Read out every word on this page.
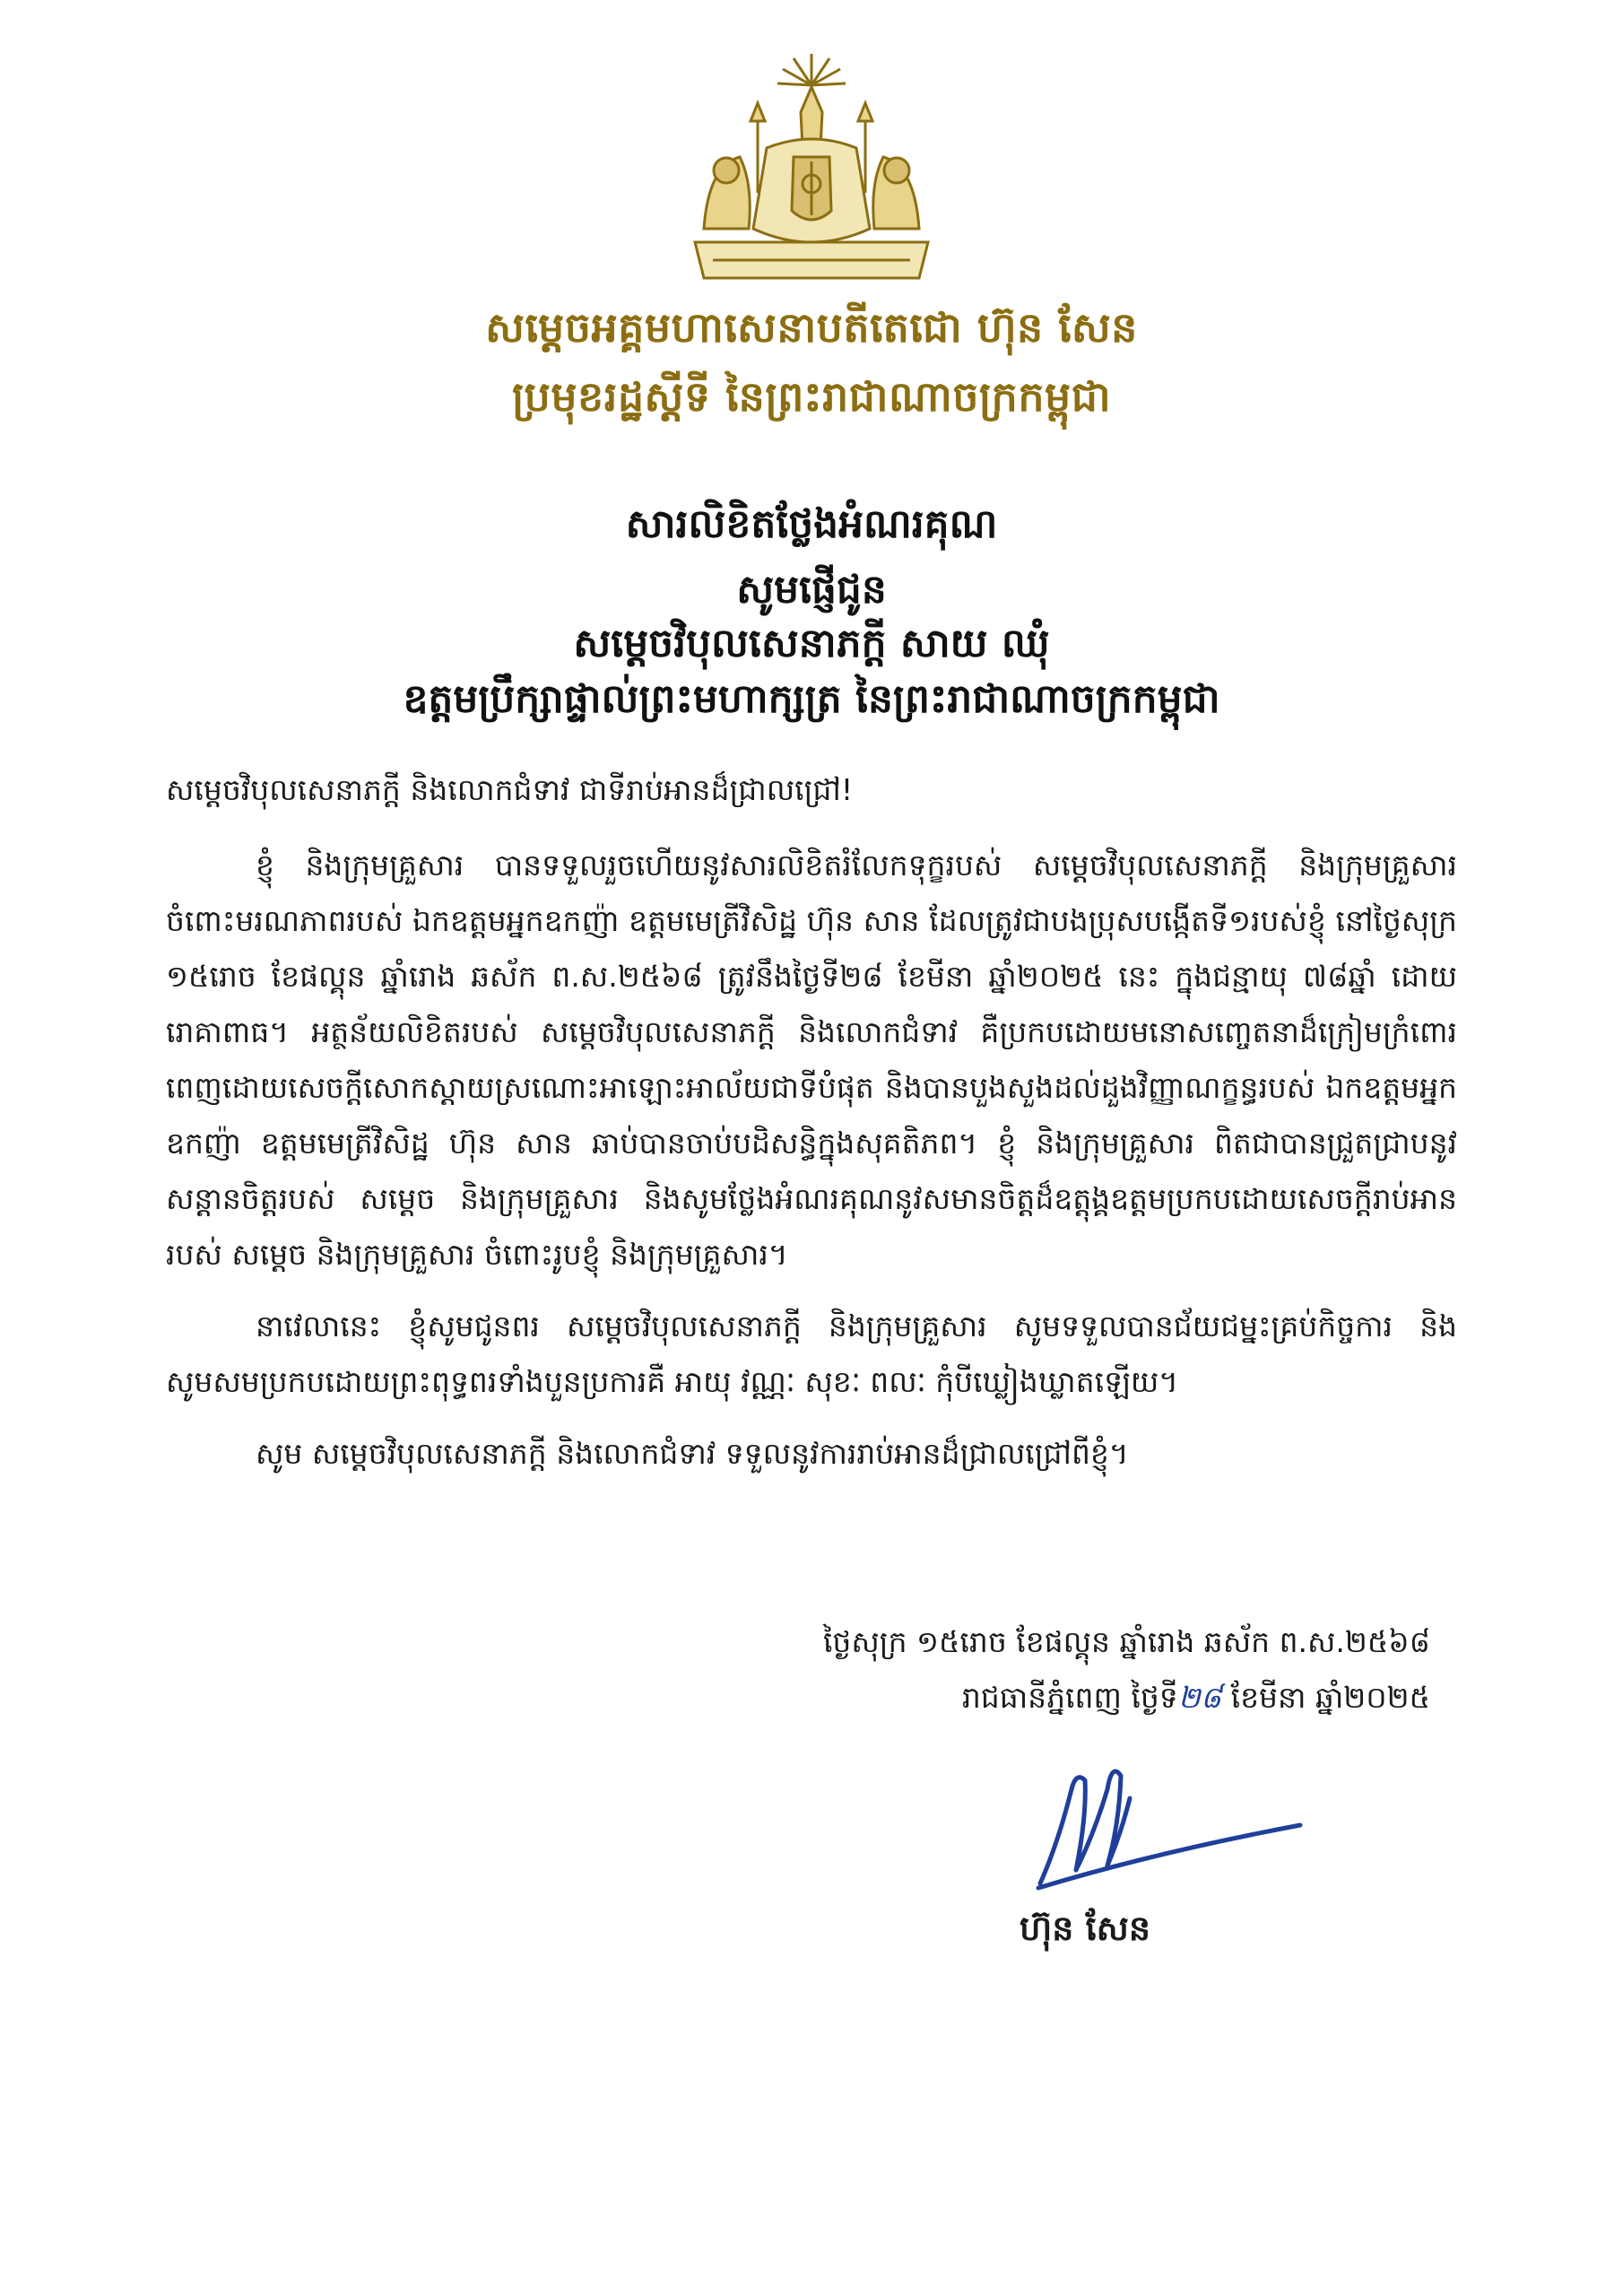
សម្តេចអគ្គមហាសេនាបតីតេជោ ហ៊ុន សែន
ប្រមុខរដ្ឋស្តីទី នៃព្រះរាជាណាចក្រកម្ពុជា
សារលិខិតថ្លែងអំណរគុណ
សូមផ្ញើជូន
សម្តេចវិបុលសេនាភក្តី សាយ ឈុំ
ឧត្តមប្រឹក្សាផ្ទាល់ព្រះមហាក្សត្រ នៃព្រះរាជាណាចក្រកម្ពុជា

សម្តេចវិបុលសេនាភក្តី និងលោកជំទាវ ជាទីរាប់អានដ៏ជ្រាលជ្រៅ!

ខ្ញុំ និងក្រុមគ្រួសារ បានទទួលរួចហើយនូវសារលិខិតរំលែកទុក្ខរបស់ សម្តេចវិបុលសេនាភក្តី និងក្រុមគ្រួសារ ចំពោះមរណភាពរបស់ ឯកឧត្តមអ្នកឧកញ៉ា ឧត្តមមេត្រីវិសិដ្ឋ ហ៊ុន សាន ដែលត្រូវជាបងប្រុសបង្កើតទី១របស់ខ្ញុំ នៅថ្ងៃសុក្រ ១៥រោច ខែផល្គុន ឆ្នាំរោង ឆស័ក ព.ស.២៥៦៨ ត្រូវនឹងថ្ងៃទី២៨ ខែមីនា ឆ្នាំ២០២៥ នេះ ក្នុងជន្មាយុ ៧៨ឆ្នាំ ដោយរោគាពាធ។ អត្ថន័យលិខិតរបស់ សម្តេចវិបុលសេនាភក្តី និងលោកជំទាវ គឺប្រកបដោយមនោសញ្ចេតនាដ៏ក្រៀមក្រំពោរពេញដោយសេចក្តីសោកស្តាយស្រណោះអាឡោះអាល័យជាទីបំផុត និងបានបួងសួងដល់ដួងវិញ្ញាណក្ខន្ធរបស់ ឯកឧត្តមអ្នកឧកញ៉ា ឧត្តមមេត្រីវិសិដ្ឋ ហ៊ុន សាន ឆាប់បានចាប់បដិសន្ធិក្នុងសុគតិភព។ ខ្ញុំ និងក្រុមគ្រួសារ ពិតជាបានជ្រួតជ្រាបនូវសន្តានចិត្តរបស់ សម្តេច និងក្រុមគ្រួសារ និងសូមថ្លែងអំណរគុណនូវសមានចិត្តដ៏ឧត្តុង្គឧត្តមប្រកបដោយសេចក្តីរាប់អានរបស់ សម្តេច និងក្រុមគ្រួសារ ចំពោះរូបខ្ញុំ និងក្រុមគ្រួសារ។

នាវេលានេះ ខ្ញុំសូមជូនពរ សម្តេចវិបុលសេនាភក្តី និងក្រុមគ្រួសារ សូមទទួលបានជ័យជម្នះគ្រប់កិច្ចការ និងសូមសមប្រកបដោយព្រះពុទ្ធពរទាំងបួនប្រការគឺ អាយុ វណ្ណៈ សុខៈ ពលៈ កុំបីឃ្លៀងឃ្លាតឡើយ។

សូម សម្តេចវិបុលសេនាភក្តី និងលោកជំទាវ ទទួលនូវការរាប់អានដ៏ជ្រាលជ្រៅពីខ្ញុំ។

ថ្ងៃសុក្រ ១៥រោច ខែផល្គុន ឆ្នាំរោង ឆស័ក ព.ស.២៥៦៨
រាជធានីភ្នំពេញ ថ្ងៃទី២៨ ខែមីនា ឆ្នាំ២០២៥
ហ៊ុន សែន
